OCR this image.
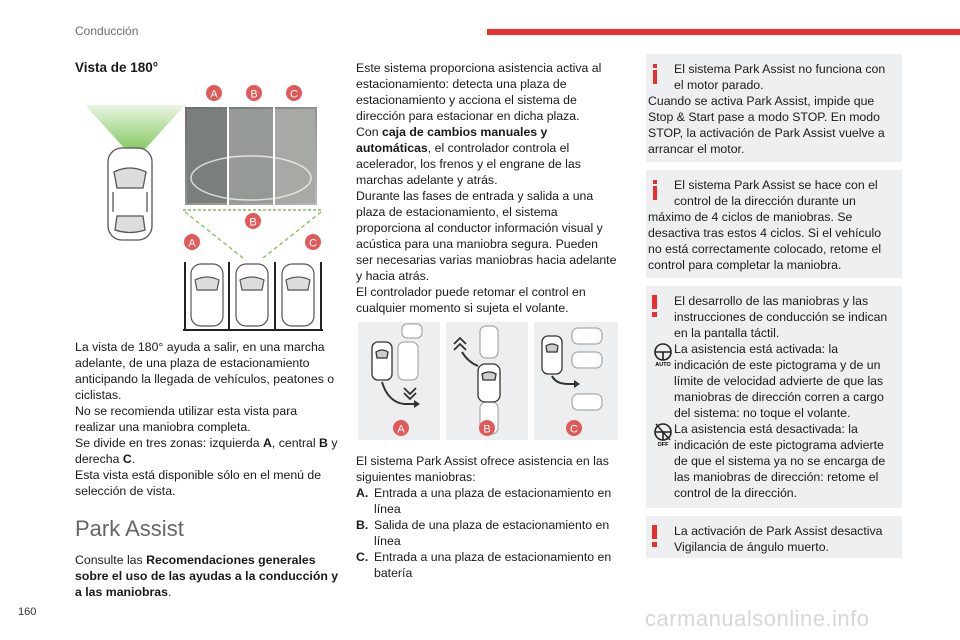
Conducción
Vista de 180°
A	B	C
B
A	C
La vista de 180° ayuda a salir, en una marcha adelante, de una plaza de estacionamiento anticipando la llegada de vehículos, peatones o ciclistas.
No se recomienda utilizar esta vista para realizar una maniobra completa.
Se divide en tres zonas: izquierda A, central B y derecha C.
Esta vista está disponible sólo en el menú de selección de vista.
Park Assist
Consulte las Recomendaciones generales sobre el uso de las ayudas a la conducción y a las maniobras.
Este sistema proporciona asistencia activa al estacionamiento: detecta una plaza de estacionamiento y acciona el sistema de dirección para estacionar en dicha plaza.
Con caja de cambios manuales y automáticas, el controlador controla el acelerador, los frenos y el engrane de las marchas adelante y atrás.
Durante las fases de entrada y salida a una plaza de estacionamiento, el sistema proporciona al conductor información visual y acústica para una maniobra segura. Pueden ser necesarias varias maniobras hacia adelante y hacia atrás.
El controlador puede retomar el control en cualquier momento si sujeta el volante.
A	B	C
El sistema Park Assist ofrece asistencia en las siguientes maniobras:
A. Entrada a una plaza de estacionamiento en línea
B. Salida de una plaza de estacionamiento en línea
C. Entrada a una plaza de estacionamiento en batería
El sistema Park Assist no funciona con el motor parado.
Cuando se activa Park Assist, impide que Stop & Start pase a modo STOP. En modo STOP, la activación de Park Assist vuelve a arrancar el motor.
El sistema Park Assist se hace con el control de la dirección durante un
máximo de 4 ciclos de maniobras. Se desactiva tras estos 4 ciclos. Si el vehículo no está correctamente colocado, retome el control para completar la maniobra.
El desarrollo de las maniobras y las instrucciones de conducción se indican en la pantalla táctil.
AUTO
La asistencia está activada: la indicación de este pictograma y de un límite de velocidad advierte de que las maniobras de dirección corren a cargo del sistema: no toque el volante.
OFF
La asistencia está desactivada: la indicación de este pictograma advierte de que el sistema ya no se encarga de las maniobras de dirección: retome el control de la dirección.
La activación de Park Assist desactiva Vigilancia de ángulo muerto.
160	carmanualsonline.info
